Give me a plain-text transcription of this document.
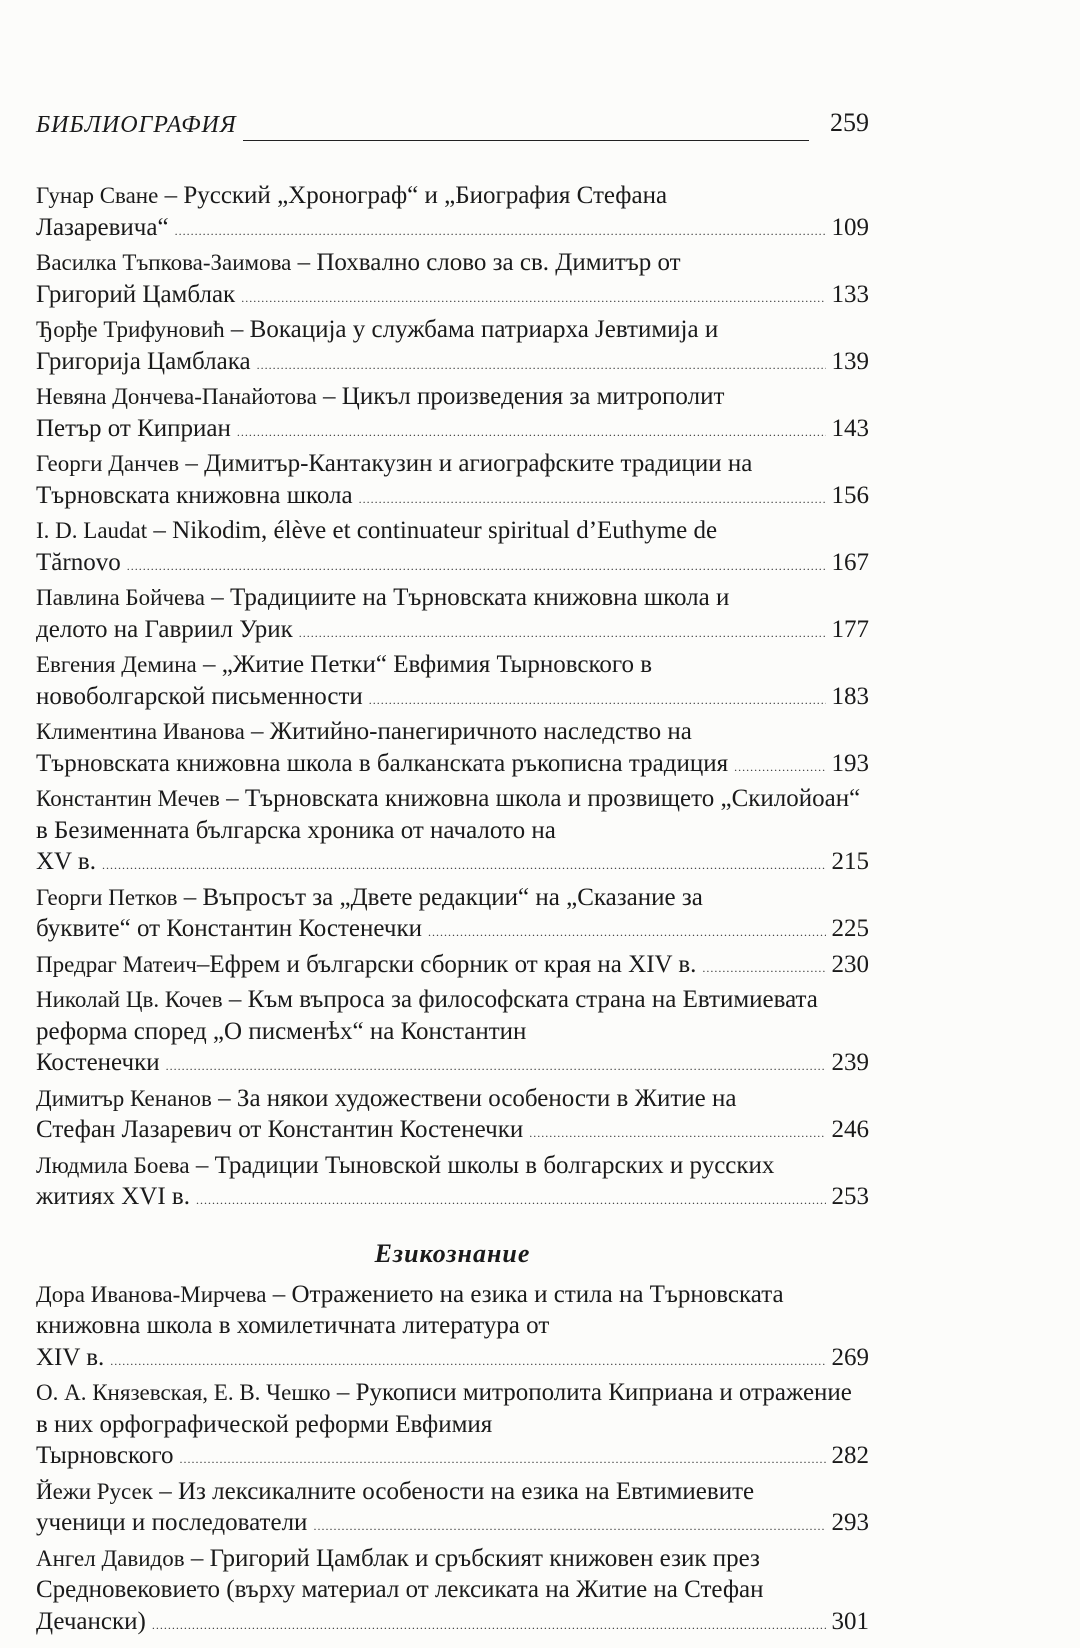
БИБЛИОГРАФИЯ	259
Гунар Сване – Русский „Хронограф“ и „Биография Стефана
Лазаревича“ .....	109
Василка Тъпкова-Заимова – Похвално слово за св. Димитър от
Григорий Цамблак .....	133
Ђорђе Трифуновић – Вокација у службама патриарха Јевтимија и
Григорија Цамблака .....	139
Невяна Дончева-Панайотова – Цикъл произведения за митрополит
Петър от Киприан .....	143
Георги Данчев – Димитър-Кантакузин и агиографските традиции на
Търновската книжовна школа .....	156
I. D. Laudat – Nikodim, élève et continuateur spiritual d’Euthyme de
Tărnovo .....	167
Павлина Бойчева – Традициите на Търновската книжовна школа и
делото на Гавриил Урик .....	177
Евгения Демина – „Житие Петки“ Евфимия Тырновского в
новоболгарской письменности .....	183
Климентина Иванова – Житийно-панегиричното наследство на
Търновската книжовна школа в балканската ръкописна традиция .....	193
Константин Мечев – Търновската книжовна школа и прозвището „Скилойоан“ в Безименната българска хроника от началото на
XV в. .....	215
Георги Петков – Въпросът за „Двете редакции“ на „Сказание за
буквите“ от Константин Костенечки .....	225
Предраг Матеич – Ефрем и български сборник от края на XIV в. .....	230
Николай Цв. Кочев – Към въпроса за философската страна на Евтимиевата реформа според „О писменѣх“ на Константин
Костенечки .....	239
Димитър Кенанов – За някои художествени особености в Житие на
Стефан Лазаревич от Константин Костенечки .....	246
Людмила Боева – Традиции Тыновской школы в болгарских и русских
житиях XVI в. .....	253
Езикознание
Дора Иванова-Мирчева – Отражението на езика и стила на Търновската книжовна школа в хомилетичната литература от
XIV в. .....	269
О. А. Князевская, Е. В. Чешко – Рукописи митрополита Киприана и отражение в них орфографической реформи Евфимия
Тырновского .....	282
Йежи Русек – Из лексикалните особености на езика на Евтимиевите
ученици и последователи .....	293
Ангел Давидов – Григорий Цамблак и сръбският книжовен език през Средновековието (върху материал от лексиката на Житие на Стефан
Дечански) .....	301
